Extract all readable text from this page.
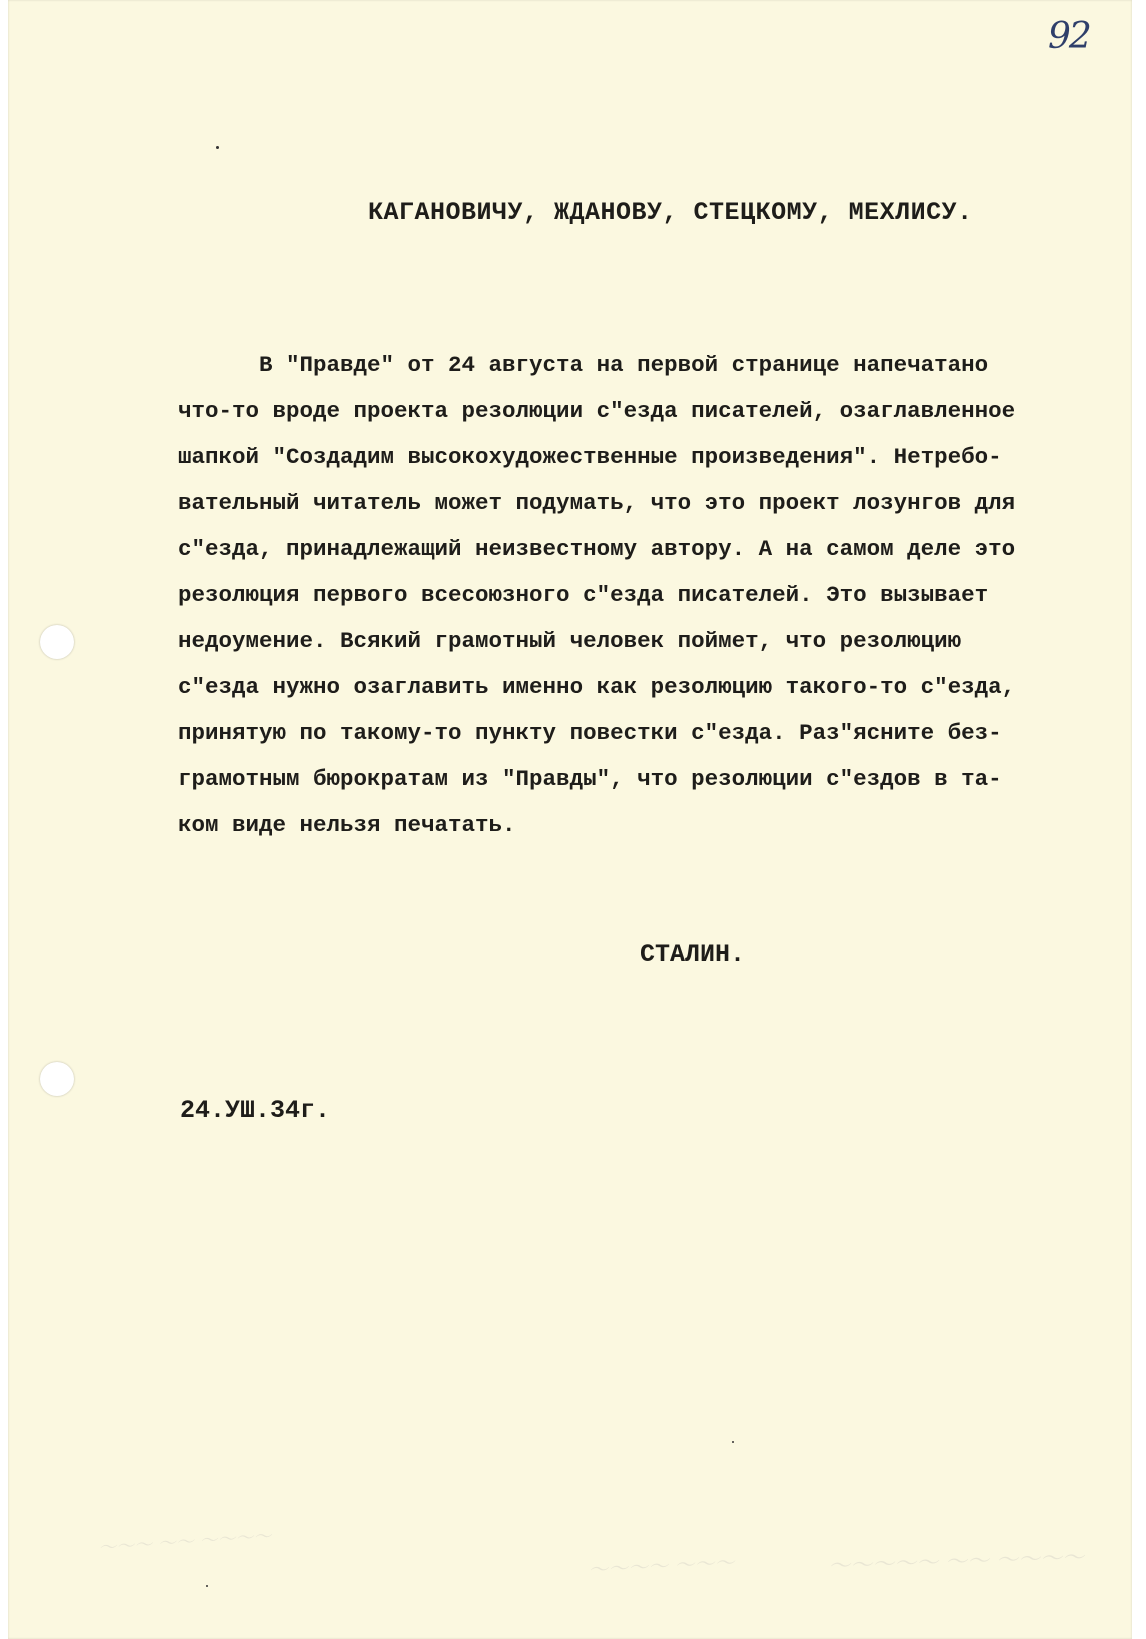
92
КАГАНОВИЧУ, ЖДАНОВУ, СТЕЦКОМУ, МЕХЛИСУ.
В "Правде" от 24 августа на первой странице напечатано
что-то вроде проекта резолюции с"езда писателей, озаглавленное
шапкой "Создадим высокохудожественные произведения". Нетребо-
вательный читатель может подумать, что это проект лозунгов для
с"езда, принадлежащий неизвестному автору. А на самом деле это
резолюция первого всесоюзного с"езда писателей. Это вызывает
недоумение. Всякий грамотный человек поймет, что резолюцию
с"езда нужно озаглавить именно как резолюцию такого-то с"езда,
принятую по такому-то пункту повестки с"езда. Раз"ясните без-
грамотным бюрократам из "Правды", что резолюции с"ездов в та-
ком виде нельзя печатать.
СТАЛИН.
24.УШ.34г.
～～～ ～～ ～～～～
～～～～ ～～～	～～～～～ ～～ ～～～～
